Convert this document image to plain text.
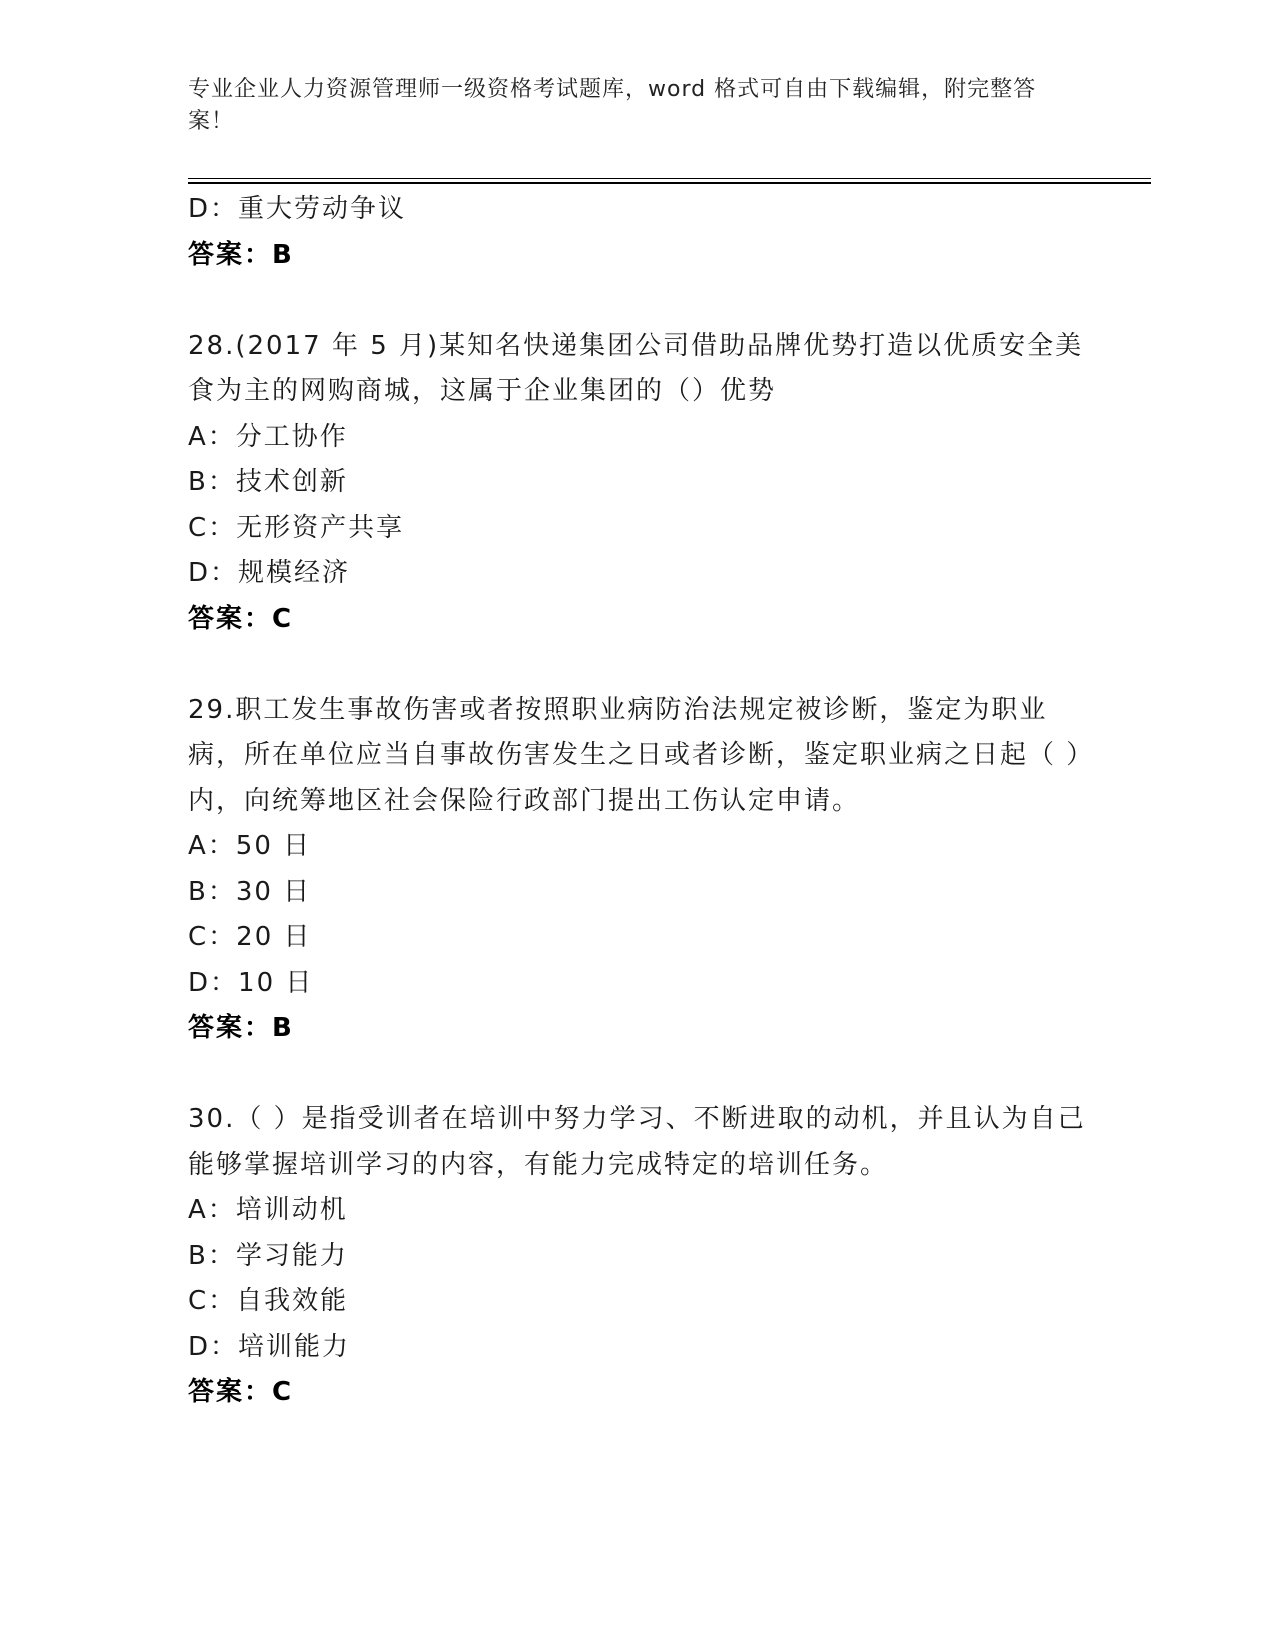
专业企业人力资源管理师一级资格考试题库，word 格式可自由下载编辑，附完整答案！
D：重大劳动争议
答案：B
28.(2017 年 5 月)某知名快递集团公司借助品牌优势打造以优质安全美食为主的网购商城，这属于企业集团的（）优势
A：分工协作
B：技术创新
C：无形资产共享
D：规模经济
答案：C
29.职工发生事故伤害或者按照职业病防治法规定被诊断，鉴定为职业病，所在单位应当自事故伤害发生之日或者诊断，鉴定职业病之日起（ ）内，向统筹地区社会保险行政部门提出工伤认定申请。
A：50 日
B：30 日
C：20 日
D：10 日
答案：B
30.（ ）是指受训者在培训中努力学习、不断进取的动机，并且认为自己能够掌握培训学习的内容，有能力完成特定的培训任务。
A：培训动机
B：学习能力
C：自我效能
D：培训能力
答案：C
